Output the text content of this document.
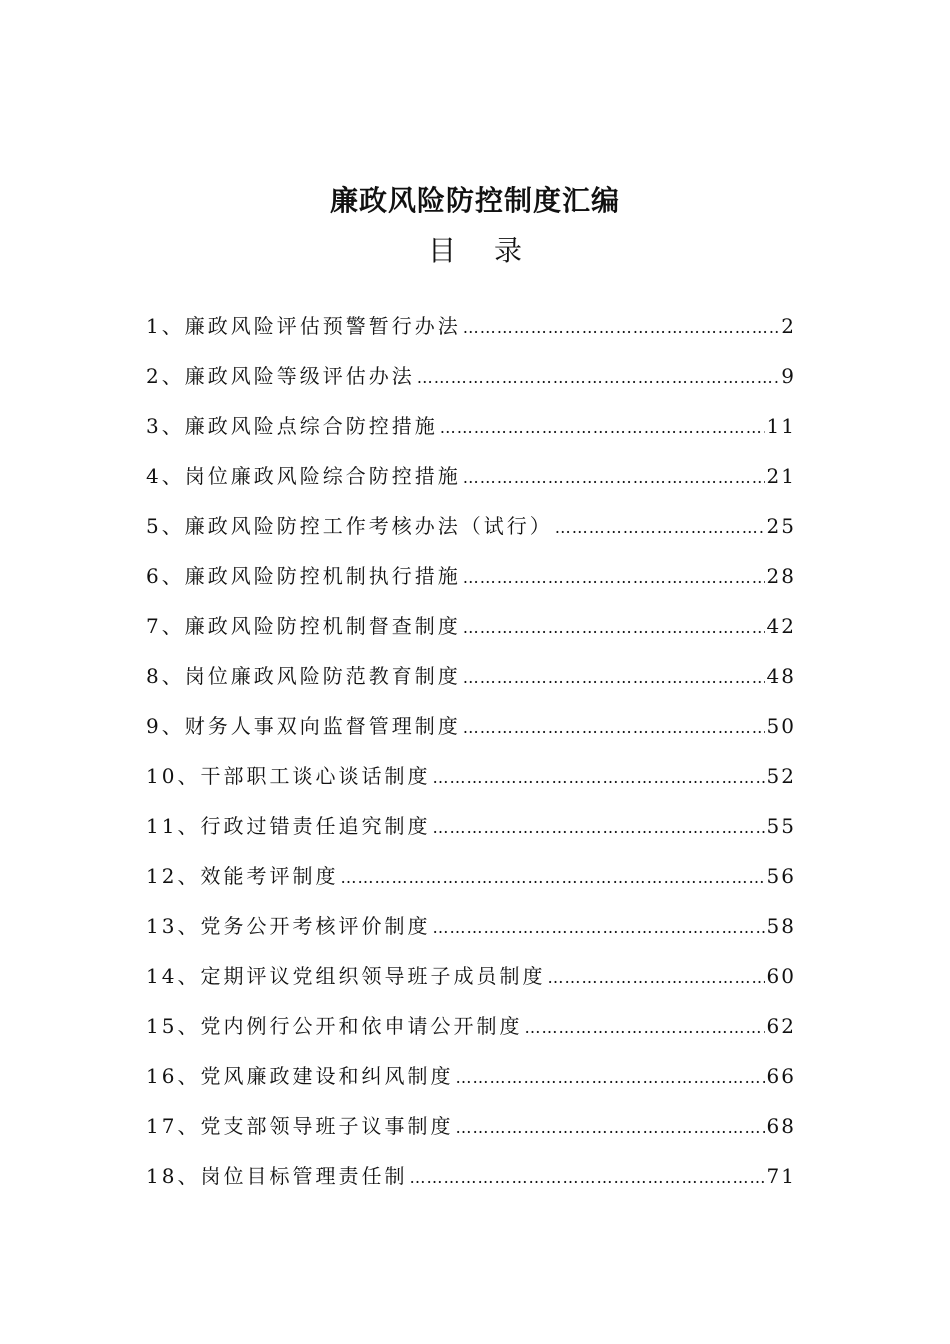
廉政风险防控制度汇编
目录
1、廉政风险评估预警暂行办法 …………………………………………………………………………………………………………………………	2
2、廉政风险等级评估办法 …………………………………………………………………………………………………………………………	9
3、廉政风险点综合防控措施 …………………………………………………………………………………………………………………………	11
4、岗位廉政风险综合防控措施 …………………………………………………………………………………………………………………………	21
5、廉政风险防控工作考核办法（试行） …………………………………………………………………………………………………………………………	25
6、廉政风险防控机制执行措施 …………………………………………………………………………………………………………………………	28
7、廉政风险防控机制督查制度 …………………………………………………………………………………………………………………………	42
8、岗位廉政风险防范教育制度 …………………………………………………………………………………………………………………………	48
9、财务人事双向监督管理制度 …………………………………………………………………………………………………………………………	50
10、干部职工谈心谈话制度 …………………………………………………………………………………………………………………………	52
11、行政过错责任追究制度 …………………………………………………………………………………………………………………………	55
12、效能考评制度 …………………………………………………………………………………………………………………………	56
13、党务公开考核评价制度 …………………………………………………………………………………………………………………………	58
14、定期评议党组织领导班子成员制度 …………………………………………………………………………………………………………………………	60
15、党内例行公开和依申请公开制度 …………………………………………………………………………………………………………………………	62
16、党风廉政建设和纠风制度 …………………………………………………………………………………………………………………………	66
17、党支部领导班子议事制度 …………………………………………………………………………………………………………………………	68
18、岗位目标管理责任制 …………………………………………………………………………………………………………………………	71
